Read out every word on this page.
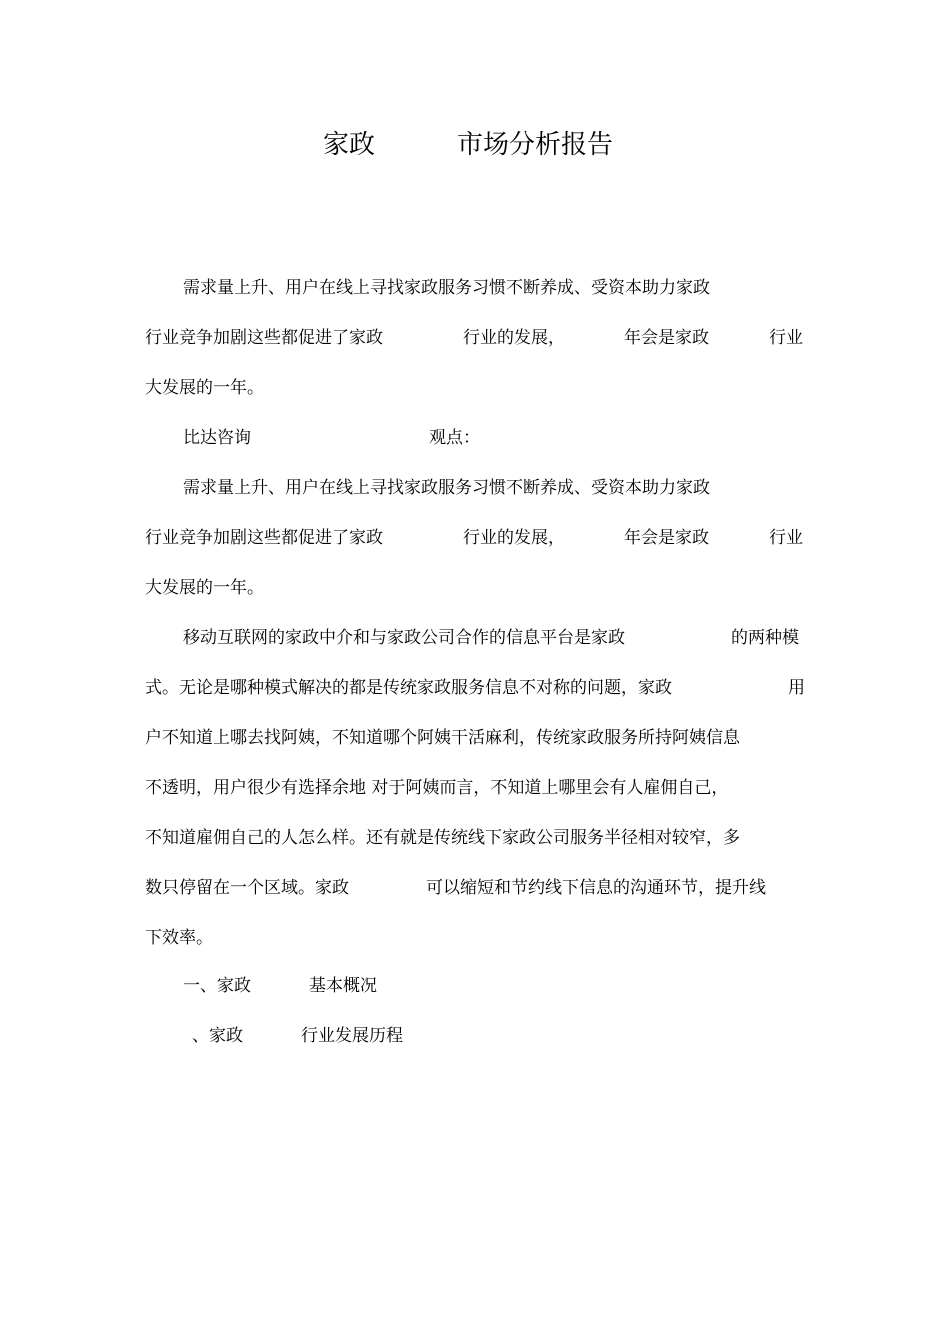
家政	市场分析报告
需求量上升、用户在线上寻找家政服务习惯不断养成、受资本助力家政
行业竞争加剧这些都促进了家政	行业的发展，	年会是家政	行业
大发展的一年。
比达咨询	观点：
需求量上升、用户在线上寻找家政服务习惯不断养成、受资本助力家政
行业竞争加剧这些都促进了家政	行业的发展，	年会是家政	行业
大发展的一年。
移动互联网的家政中介和与家政公司合作的信息平台是家政	的两种模
式。无论是哪种模式解决的都是传统家政服务信息不对称的问题，家政	用
户不知道上哪去找阿姨，不知道哪个阿姨干活麻利，传统家政服务所持阿姨信息
不透明，用户很少有选择余地 对于阿姨而言，不知道上哪里会有人雇佣自己，
不知道雇佣自己的人怎么样。还有就是传统线下家政公司服务半径相对较窄，多
数只停留在一个区域。家政	可以缩短和节约线下信息的沟通环节，提升线
下效率。
一、家政	基本概况
、家政	行业发展历程
